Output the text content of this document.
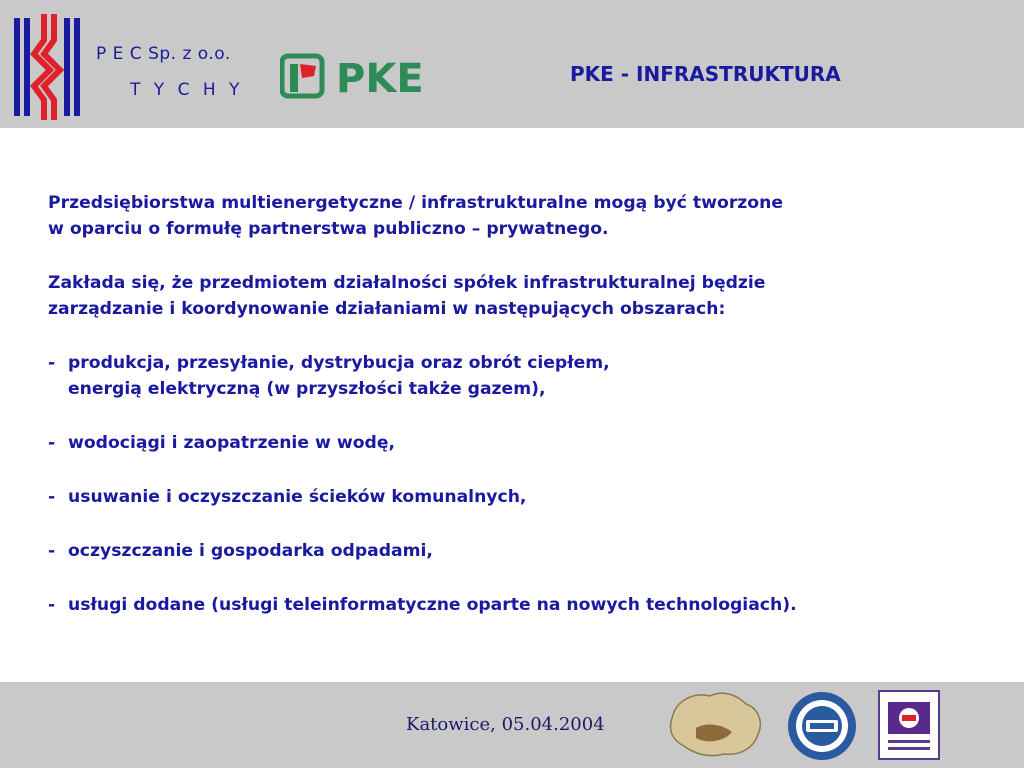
P E C Sp. z o.o.
T Y C H Y PKE	PKE - INFRASTRUKTURA

Przedsiębiorstwa multienergetyczne / infrastrukturalne mogą być tworzone

w oparciu o formułę partnerstwa publiczno – prywatnego.

Zakłada się, że przedmiotem działalności spółek infrastrukturalnej będzie

zarządzanie i koordynowanie działaniami w następujących obszarach:

- produkcja, przesyłanie, dystrybucja oraz obrót ciepłem,
energią elektryczną (w przyszłości także gazem),
- wodociągi i zaopatrzenie w wodę,
- usuwanie i oczyszczanie ścieków komunalnych,
- oczyszczanie i gospodarka odpadami,
- usługi dodane (usługi teleinformatyczne oparte na nowych technologiach).
Katowice, 05.04.2004
